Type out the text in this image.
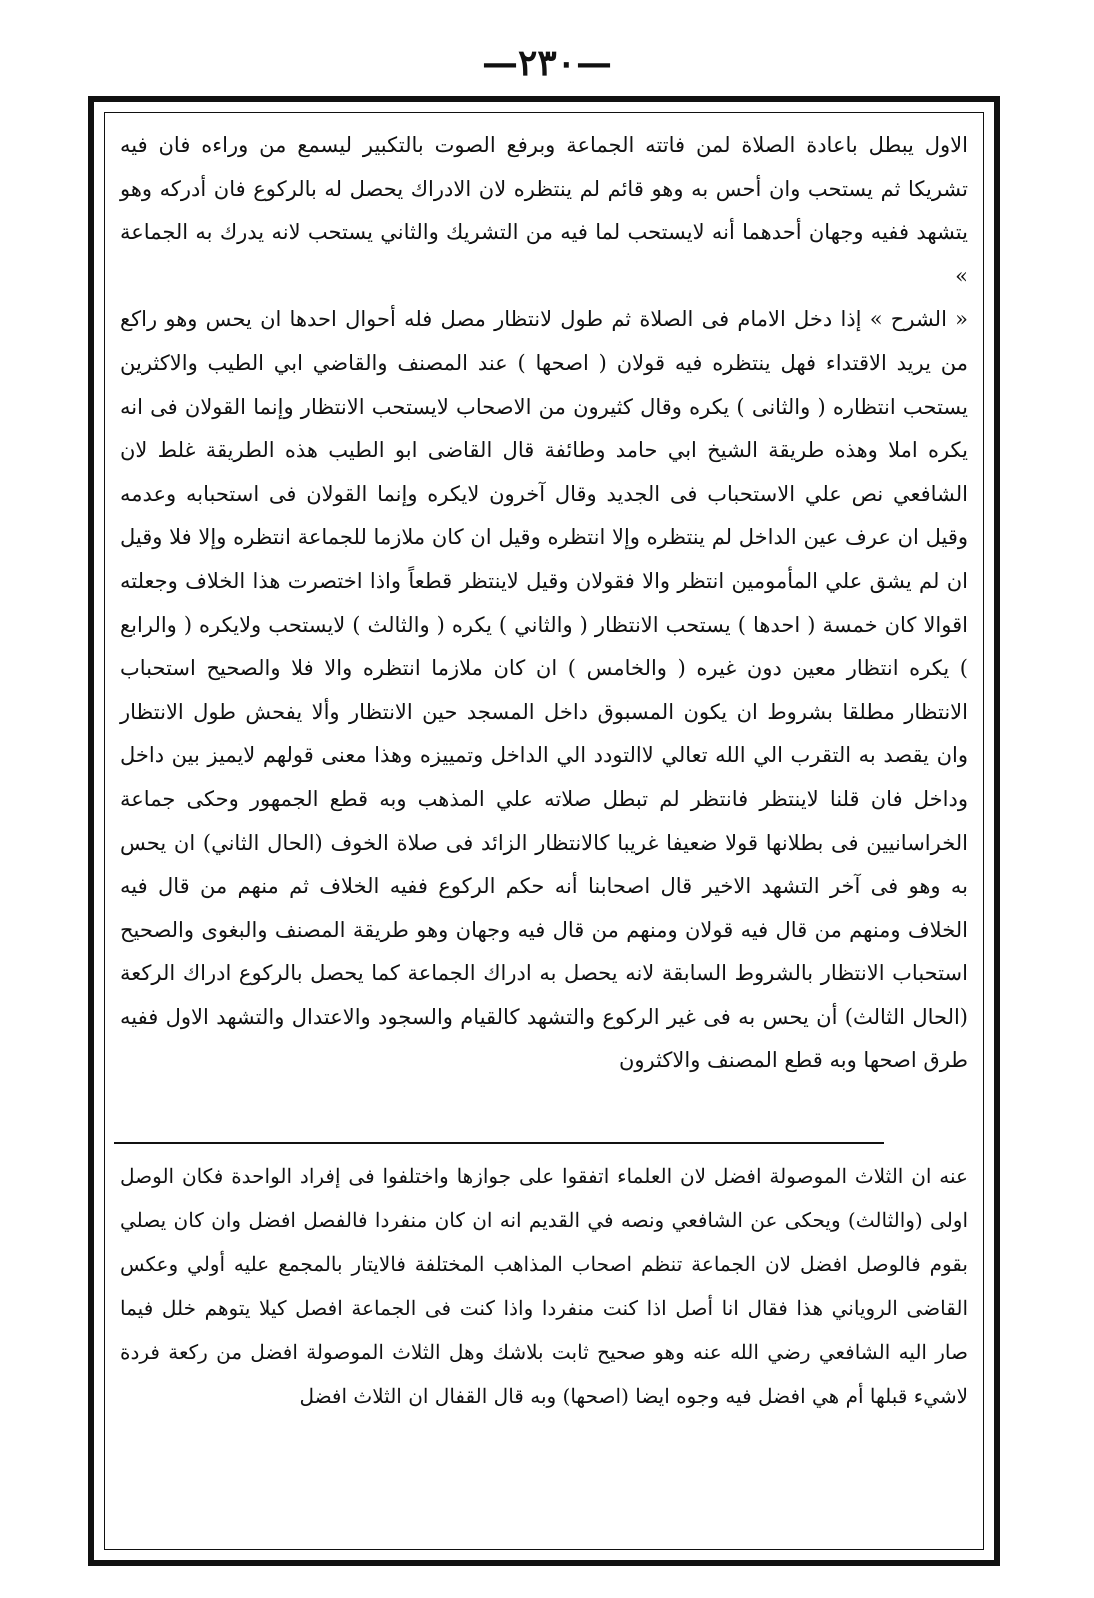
—٢٣٠—

الاول يبطل باعادة الصلاة لمن فاتته الجماعة وبرفع الصوت بالتكبير ليسمع من وراءه فان فيه تشريكا ثم يستحب وان أحس به وهو قائم لم ينتظره لان الادراك يحصل له بالركوع فان أدركه وهو يتشهد ففيه وجهان أحدهما أنه لايستحب لما فيه من التشريك والثاني يستحب لانه يدرك به الجماعة »

« الشرح » إذا دخل الامام فى الصلاة ثم طول لانتظار مصل فله أحوال احدها ان يحس وهو راكع من يريد الاقتداء فهل ينتظره فيه قولان ( اصحها ) عند المصنف والقاضي ابي الطيب والاكثرين يستحب انتظاره ( والثانى ) يكره وقال كثيرون من الاصحاب لايستحب الانتظار وإنما القولان فى انه يكره املا وهذه طريقة الشيخ ابي حامد وطائفة قال القاضى ابو الطيب هذه الطريقة غلط لان الشافعي نص علي الاستحباب فى الجديد وقال آخرون لايكره وإنما القولان فى استحبابه وعدمه وقيل ان عرف عين الداخل لم ينتظره وإلا انتظره وقيل ان كان ملازما للجماعة انتظره وإلا فلا وقيل ان لم يشق علي المأمومين انتظر والا فقولان وقيل لاينتظر قطعاً واذا اختصرت هذا الخلاف وجعلته اقوالا كان خمسة ( احدها ) يستحب الانتظار ( والثاني ) يكره ( والثالث ) لايستحب ولايكره ( والرابع ) يكره انتظار معين دون غيره ( والخامس ) ان كان ملازما انتظره والا فلا والصحيح استحباب الانتظار مطلقا بشروط ان يكون المسبوق داخل المسجد حين الانتظار وألا يفحش طول الانتظار وان يقصد به التقرب الي الله تعالي لاالتودد الي الداخل وتمييزه وهذا معنى قولهم لايميز بين داخل وداخل فان قلنا لاينتظر فانتظر لم تبطل صلاته علي المذهب وبه قطع الجمهور وحكى جماعة الخراسانيين فى بطلانها قولا ضعيفا غريبا كالانتظار الزائد فى صلاة الخوف (الحال الثاني) ان يحس به وهو فى آخر التشهد الاخير قال اصحابنا أنه حكم الركوع ففيه الخلاف ثم منهم من قال فيه الخلاف ومنهم من قال فيه قولان ومنهم من قال فيه وجهان وهو طريقة المصنف والبغوى والصحيح استحباب الانتظار بالشروط السابقة لانه يحصل به ادراك الجماعة كما يحصل بالركوع ادراك الركعة (الحال الثالث) أن يحس به فى غير الركوع والتشهد كالقيام والسجود والاعتدال والتشهد الاول ففيه طرق اصحها وبه قطع المصنف والاكثرون

عنه ان الثلاث الموصولة افضل لان العلماء اتفقوا على جوازها واختلفوا فى إفراد الواحدة فكان الوصل اولى (والثالث) ويحكى عن الشافعي ونصه في القديم انه ان كان منفردا فالفصل افضل وان كان يصلي بقوم فالوصل افضل لان الجماعة تنظم اصحاب المذاهب المختلفة فالايتار بالمجمع عليه أولي وعكس القاضى الروياني هذا فقال انا أصل اذا كنت منفردا واذا كنت فى الجماعة افصل كيلا يتوهم خلل فيما صار اليه الشافعي رضي الله عنه وهو صحيح ثابت بلاشك وهل الثلاث الموصولة افضل من ركعة فردة لاشيء قبلها أم هي افضل فيه وجوه ايضا (اصحها) وبه قال القفال ان الثلاث افضل
